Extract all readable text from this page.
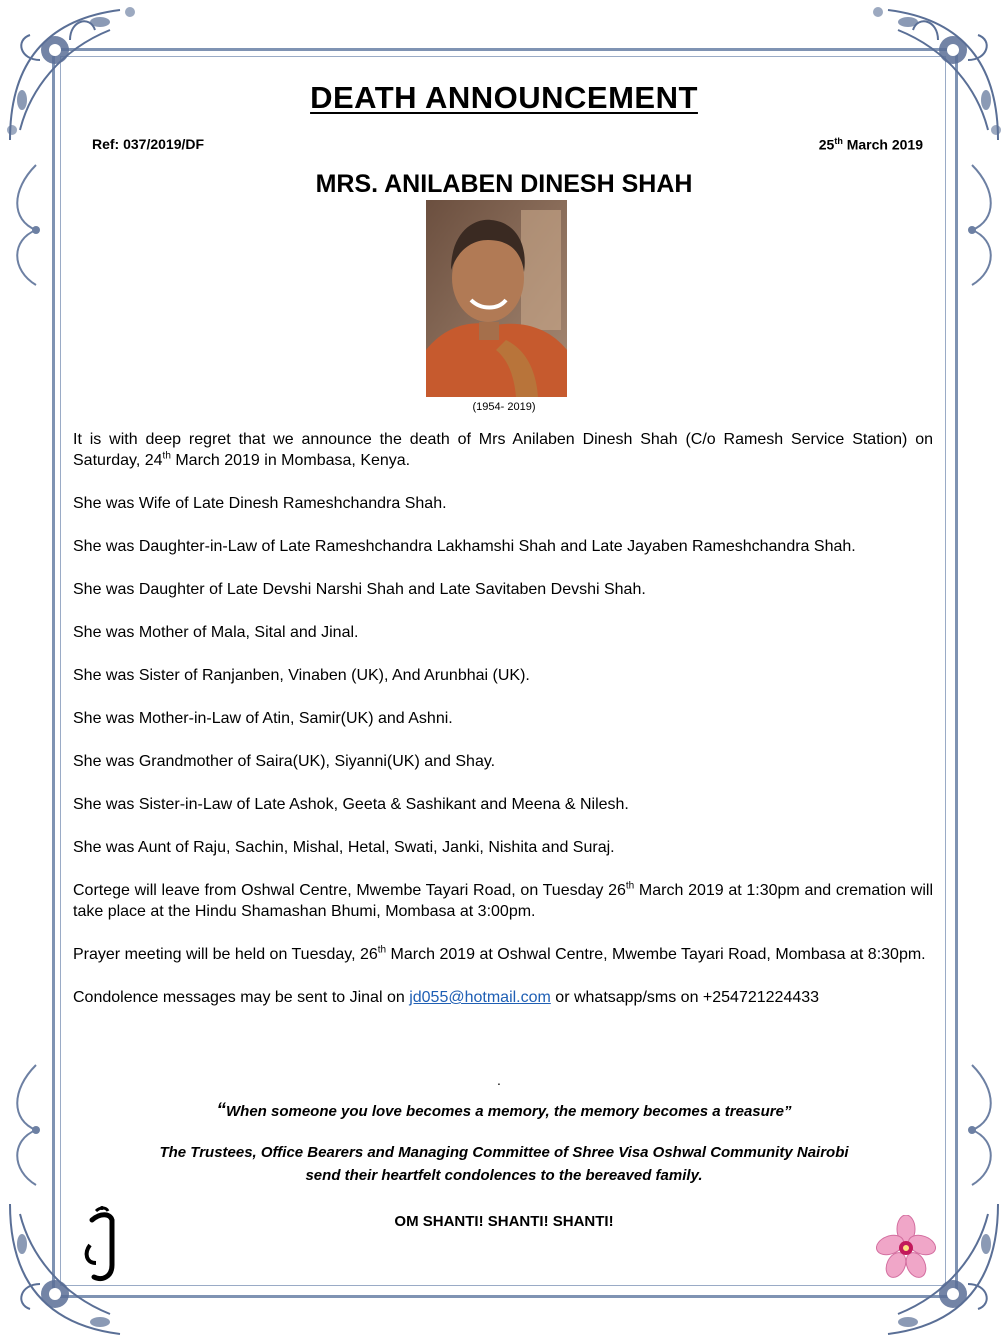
DEATH ANNOUNCEMENT
Ref: 037/2019/DF	25th March 2019
MRS. ANILABEN DINESH SHAH
(1954- 2019)

It is with deep regret that we announce the death of Mrs Anilaben Dinesh Shah (C/o Ramesh Service Station) on Saturday, 24th March 2019 in Mombasa, Kenya.

She was Wife of Late Dinesh Rameshchandra Shah.

She was Daughter-in-Law of Late Rameshchandra Lakhamshi Shah and Late Jayaben Rameshchandra Shah.

She was Daughter of Late Devshi Narshi Shah and Late Savitaben Devshi Shah.

She was Mother of Mala, Sital and Jinal.

She was Sister of Ranjanben, Vinaben (UK), And Arunbhai (UK).

She was Mother-in-Law of Atin, Samir(UK) and Ashni.

She was Grandmother of Saira(UK), Siyanni(UK) and Shay.

She was Sister-in-Law of Late Ashok, Geeta & Sashikant and Meena & Nilesh.

She was Aunt of Raju, Sachin, Mishal, Hetal, Swati, Janki, Nishita and Suraj.

Cortege will leave from Oshwal Centre, Mwembe Tayari Road, on Tuesday 26th March 2019 at 1:30pm and cremation will take place at the Hindu Shamashan Bhumi, Mombasa at 3:00pm.

Prayer meeting will be held on Tuesday, 26th March 2019 at Oshwal Centre, Mwembe Tayari Road, Mombasa at 8:30pm.

Condolence messages may be sent to Jinal on jd055@hotmail.com or whatsapp/sms on +254721224433

.
“When someone you love becomes a memory, the memory becomes a treasure”
The Trustees, Office Bearers and Managing Committee of Shree Visa Oshwal Community Nairobi
send their heartfelt condolences to the bereaved family.
OM SHANTI! SHANTI! SHANTI!
